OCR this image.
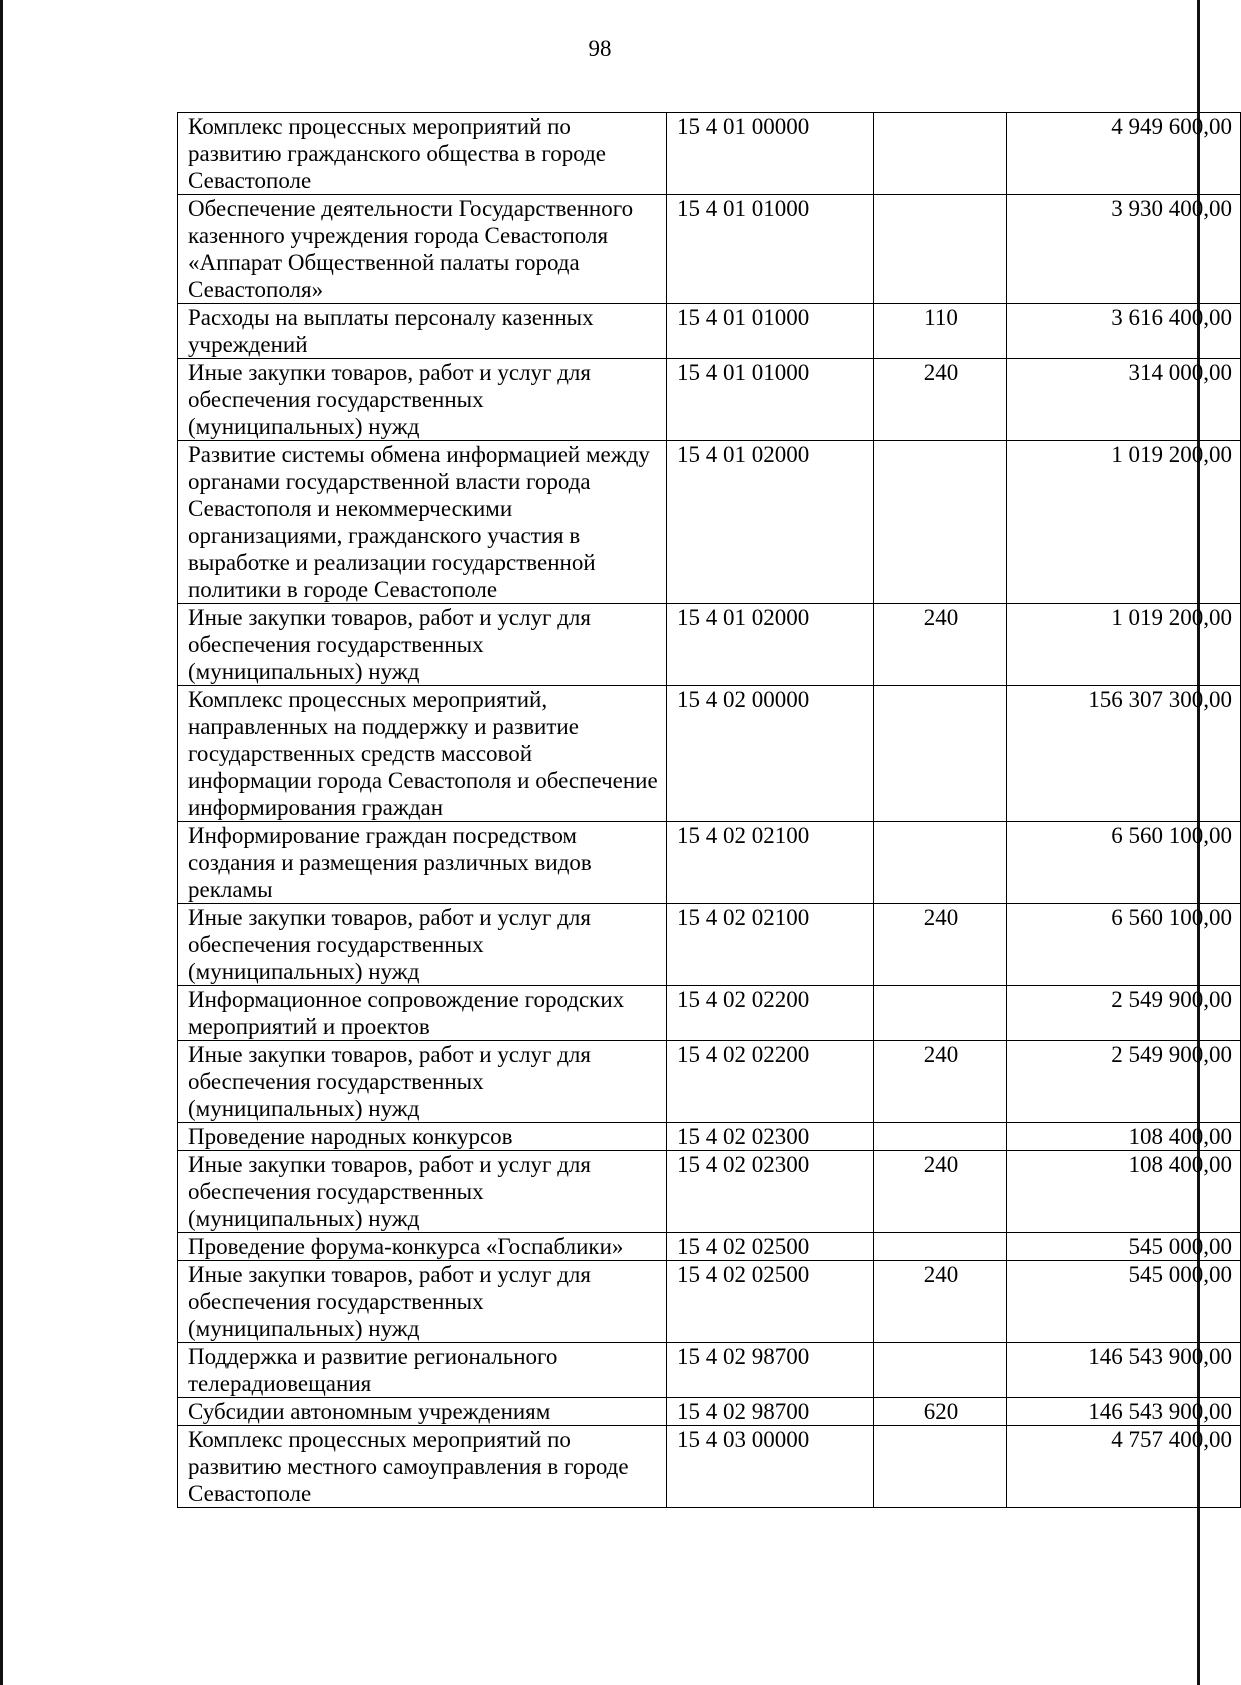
98
Комплекс процессных мероприятий по развитию гражданского общества в городе Севастополе	15 4 01 00000		4 949 600,00
Обеспечение деятельности Государственного казенного учреждения города Севастополя «Аппарат Общественной палаты города Севастополя»	15 4 01 01000		3 930 400,00
Расходы на выплаты персоналу казенных учреждений	15 4 01 01000	110	3 616 400,00
Иные закупки товаров, работ и услуг для обеспечения государственных (муниципальных) нужд	15 4 01 01000	240	314 000,00
Развитие системы обмена информацией между органами государственной власти города Севастополя и некоммерческими организациями, гражданского участия в выработке и реализации государственной политики в городе Севастополе	15 4 01 02000		1 019 200,00
Иные закупки товаров, работ и услуг для обеспечения государственных (муниципальных) нужд	15 4 01 02000	240	1 019 200,00
Комплекс процессных мероприятий, направленных на поддержку и развитие государственных средств массовой информации города Севастополя и обеспечение информирования граждан	15 4 02 00000		156 307 300,00
Информирование граждан посредством создания и размещения различных видов рекламы	15 4 02 02100		6 560 100,00
Иные закупки товаров, работ и услуг для обеспечения государственных (муниципальных) нужд	15 4 02 02100	240	6 560 100,00
Информационное сопровождение городских мероприятий и проектов	15 4 02 02200		2 549 900,00
Иные закупки товаров, работ и услуг для обеспечения государственных (муниципальных) нужд	15 4 02 02200	240	2 549 900,00
Проведение народных конкурсов	15 4 02 02300		108 400,00
Иные закупки товаров, работ и услуг для обеспечения государственных (муниципальных) нужд	15 4 02 02300	240	108 400,00
Проведение форума-конкурса «Госпаблики»	15 4 02 02500		545 000,00
Иные закупки товаров, работ и услуг для обеспечения государственных (муниципальных) нужд	15 4 02 02500	240	545 000,00
Поддержка и развитие регионального телерадиовещания	15 4 02 98700		146 543 900,00
Субсидии автономным учреждениям	15 4 02 98700	620	146 543 900,00
Комплекс процессных мероприятий по развитию местного самоуправления в городе Севастополе	15 4 03 00000		4 757 400,00
